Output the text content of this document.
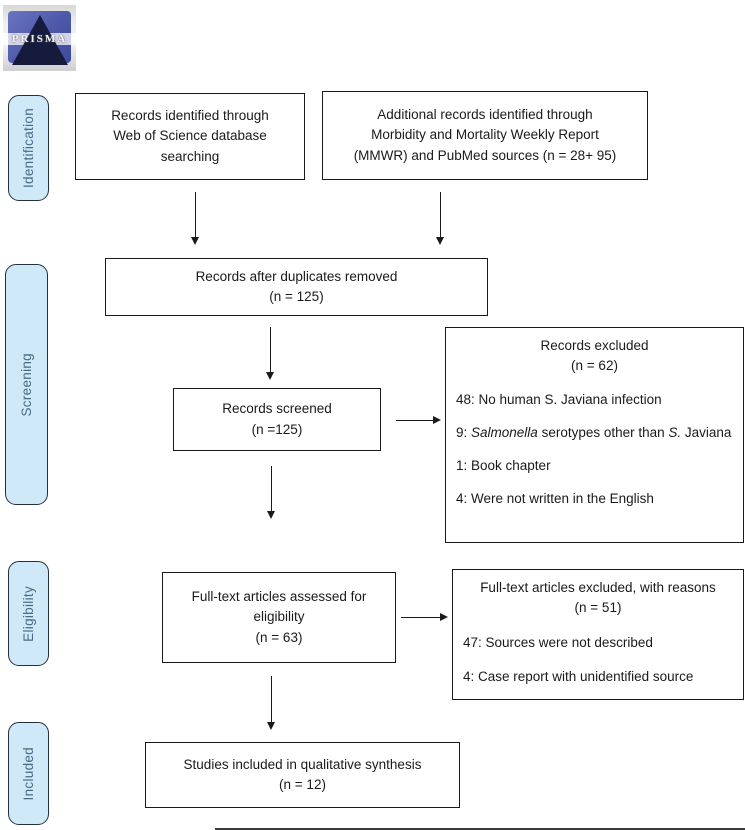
PRISMA
Identification
Screening
Eligibility
Included
Records identified through
Web of Science database
searching
Additional records identified through
Morbidity and Mortality Weekly Report
(MMWR) and PubMed sources (n = 28+ 95)
Records after duplicates removed
(n = 125)
Records screened
(n =125)
Records excluded
(n = 62)
48: No human S. Javiana infection
9: Salmonella serotypes other than S. Javiana
1: Book chapter
4: Were not written in the English
Full-text articles assessed for
eligibility
(n = 63)
Full-text articles excluded, with reasons
(n = 51)
47: Sources were not described
4: Case report with unidentified source
Studies included in qualitative synthesis
(n = 12)
